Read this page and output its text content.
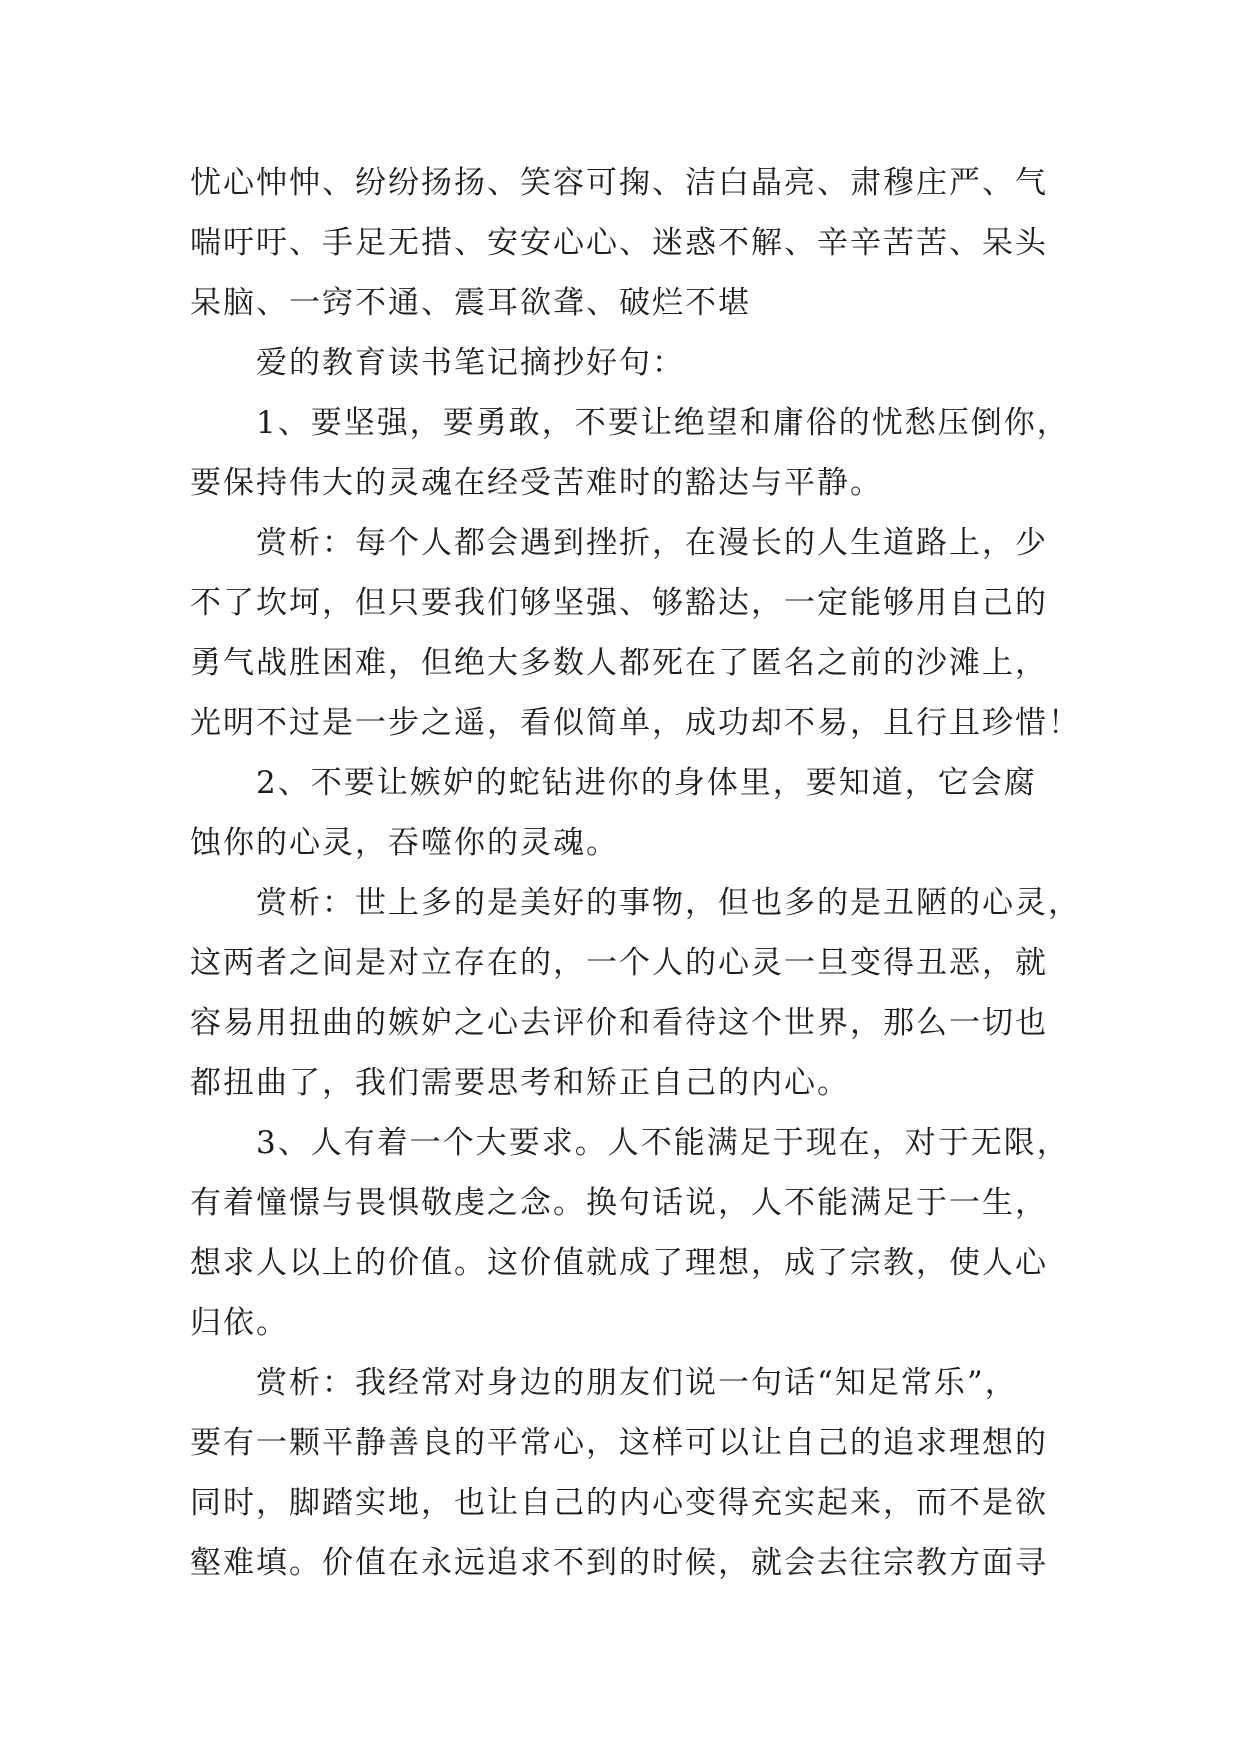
忧心忡忡、纷纷扬扬、笑容可掬、洁白晶亮、肃穆庄严、气

喘吁吁、手足无措、安安心心、迷惑不解、辛辛苦苦、呆头

呆脑、一窍不通、震耳欲聋、破烂不堪

爱的教育读书笔记摘抄好句：

1、要坚强，要勇敢，不要让绝望和庸俗的忧愁压倒你，

要保持伟大的灵魂在经受苦难时的豁达与平静。

赏析：每个人都会遇到挫折，在漫长的人生道路上，少

不了坎坷，但只要我们够坚强、够豁达，一定能够用自己的

勇气战胜困难，但绝大多数人都死在了匿名之前的沙滩上，

光明不过是一步之遥，看似简单，成功却不易，且行且珍惜！

2、不要让嫉妒的蛇钻进你的身体里，要知道，它会腐

蚀你的心灵，吞噬你的灵魂。

赏析：世上多的是美好的事物，但也多的是丑陋的心灵，

这两者之间是对立存在的，一个人的心灵一旦变得丑恶，就

容易用扭曲的嫉妒之心去评价和看待这个世界，那么一切也

都扭曲了，我们需要思考和矫正自己的内心。

3、人有着一个大要求。人不能满足于现在，对于无限，

有着憧憬与畏惧敬虔之念。换句话说，人不能满足于一生，

想求人以上的价值。这价值就成了理想，成了宗教，使人心

归依。

赏析：我经常对身边的朋友们说一句话“知足常乐”，

要有一颗平静善良的平常心，这样可以让自己的追求理想的

同时，脚踏实地，也让自己的内心变得充实起来，而不是欲

壑难填。价值在永远追求不到的时候，就会去往宗教方面寻
